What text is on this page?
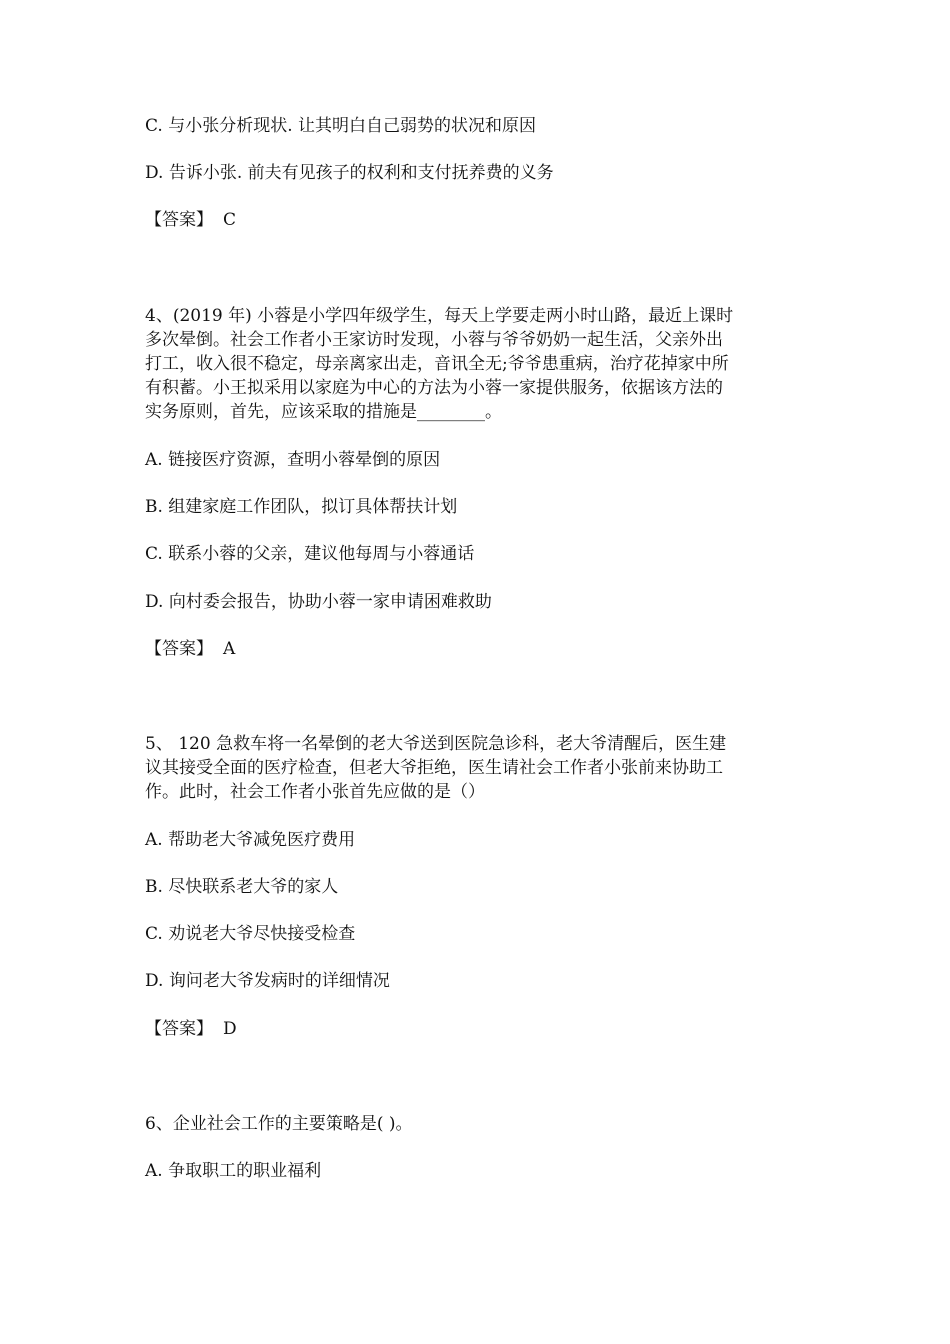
C. 与小张分析现状. 让其明白自己弱势的状况和原因
D. 告诉小张. 前夫有见孩子的权利和支付抚养费的义务
【答案】 C
4、(2019 年) 小蓉是小学四年级学生，每天上学要走两小时山路，最近上课时
多次晕倒。社会工作者小王家访时发现，小蓉与爷爷奶奶一起生活，父亲外出
打工，收入很不稳定，母亲离家出走，音讯全无;爷爷患重病，治疗花掉家中所
有积蓄。小王拟采用以家庭为中心的方法为小蓉一家提供服务，依据该方法的
实务原则，首先，应该采取的措施是________。
A. 链接医疗资源，查明小蓉晕倒的原因
B. 组建家庭工作团队，拟订具体帮扶计划
C. 联系小蓉的父亲，建议他每周与小蓉通话
D. 向村委会报告，协助小蓉一家申请困难救助
【答案】 A
5、 120 急救车将一名晕倒的老大爷送到医院急诊科，老大爷清醒后，医生建
议其接受全面的医疗检查，但老大爷拒绝，医生请社会工作者小张前来协助工
作。此时，社会工作者小张首先应做的是（）
A. 帮助老大爷减免医疗费用
B. 尽快联系老大爷的家人
C. 劝说老大爷尽快接受检查
D. 询问老大爷发病时的详细情况
【答案】 D
6、企业社会工作的主要策略是( )。
A. 争取职工的职业福利
